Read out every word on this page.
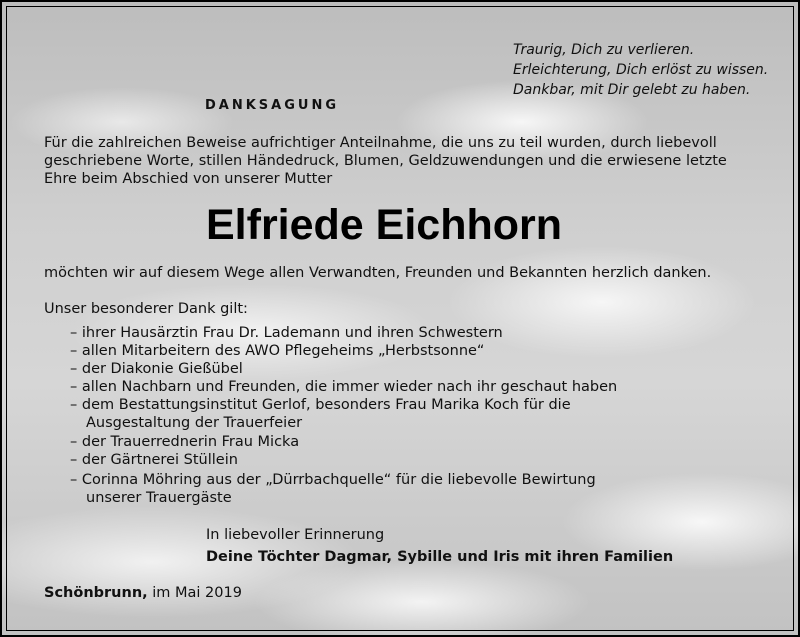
Traurig, Dich zu verlieren.
Erleichterung, Dich erlöst zu wissen.
Dankbar, mit Dir gelebt zu haben.
DANKSAGUNG
Für die zahlreichen Beweise aufrichtiger Anteilnahme, die uns zu teil wurden, durch liebevoll
geschriebene Worte, stillen Händedruck, Blumen, Geldzuwendungen und die erwiesene letzte
Ehre beim Abschied von unserer Mutter
Elfriede Eichhorn
möchten wir auf diesem Wege allen Verwandten, Freunden und Bekannten herzlich danken.
Unser besonderer Dank gilt:
– ihrer Hausärztin Frau Dr. Lademann und ihren Schwestern
– allen Mitarbeitern des AWO Pflegeheims „Herbstsonne“
– der Diakonie Gießübel
– allen Nachbarn und Freunden, die immer wieder nach ihr geschaut haben
– dem Bestattungsinstitut Gerlof, besonders Frau Marika Koch für die
Ausgestaltung der Trauerfeier
– der Trauerrednerin Frau Micka
– der Gärtnerei Stüllein
– Corinna Möhring aus der „Dürrbachquelle“ für die liebevolle Bewirtung
unserer Trauergäste
In liebevoller Erinnerung
Deine Töchter Dagmar, Sybille und Iris mit ihren Familien
Schönbrunn, im Mai 2019
